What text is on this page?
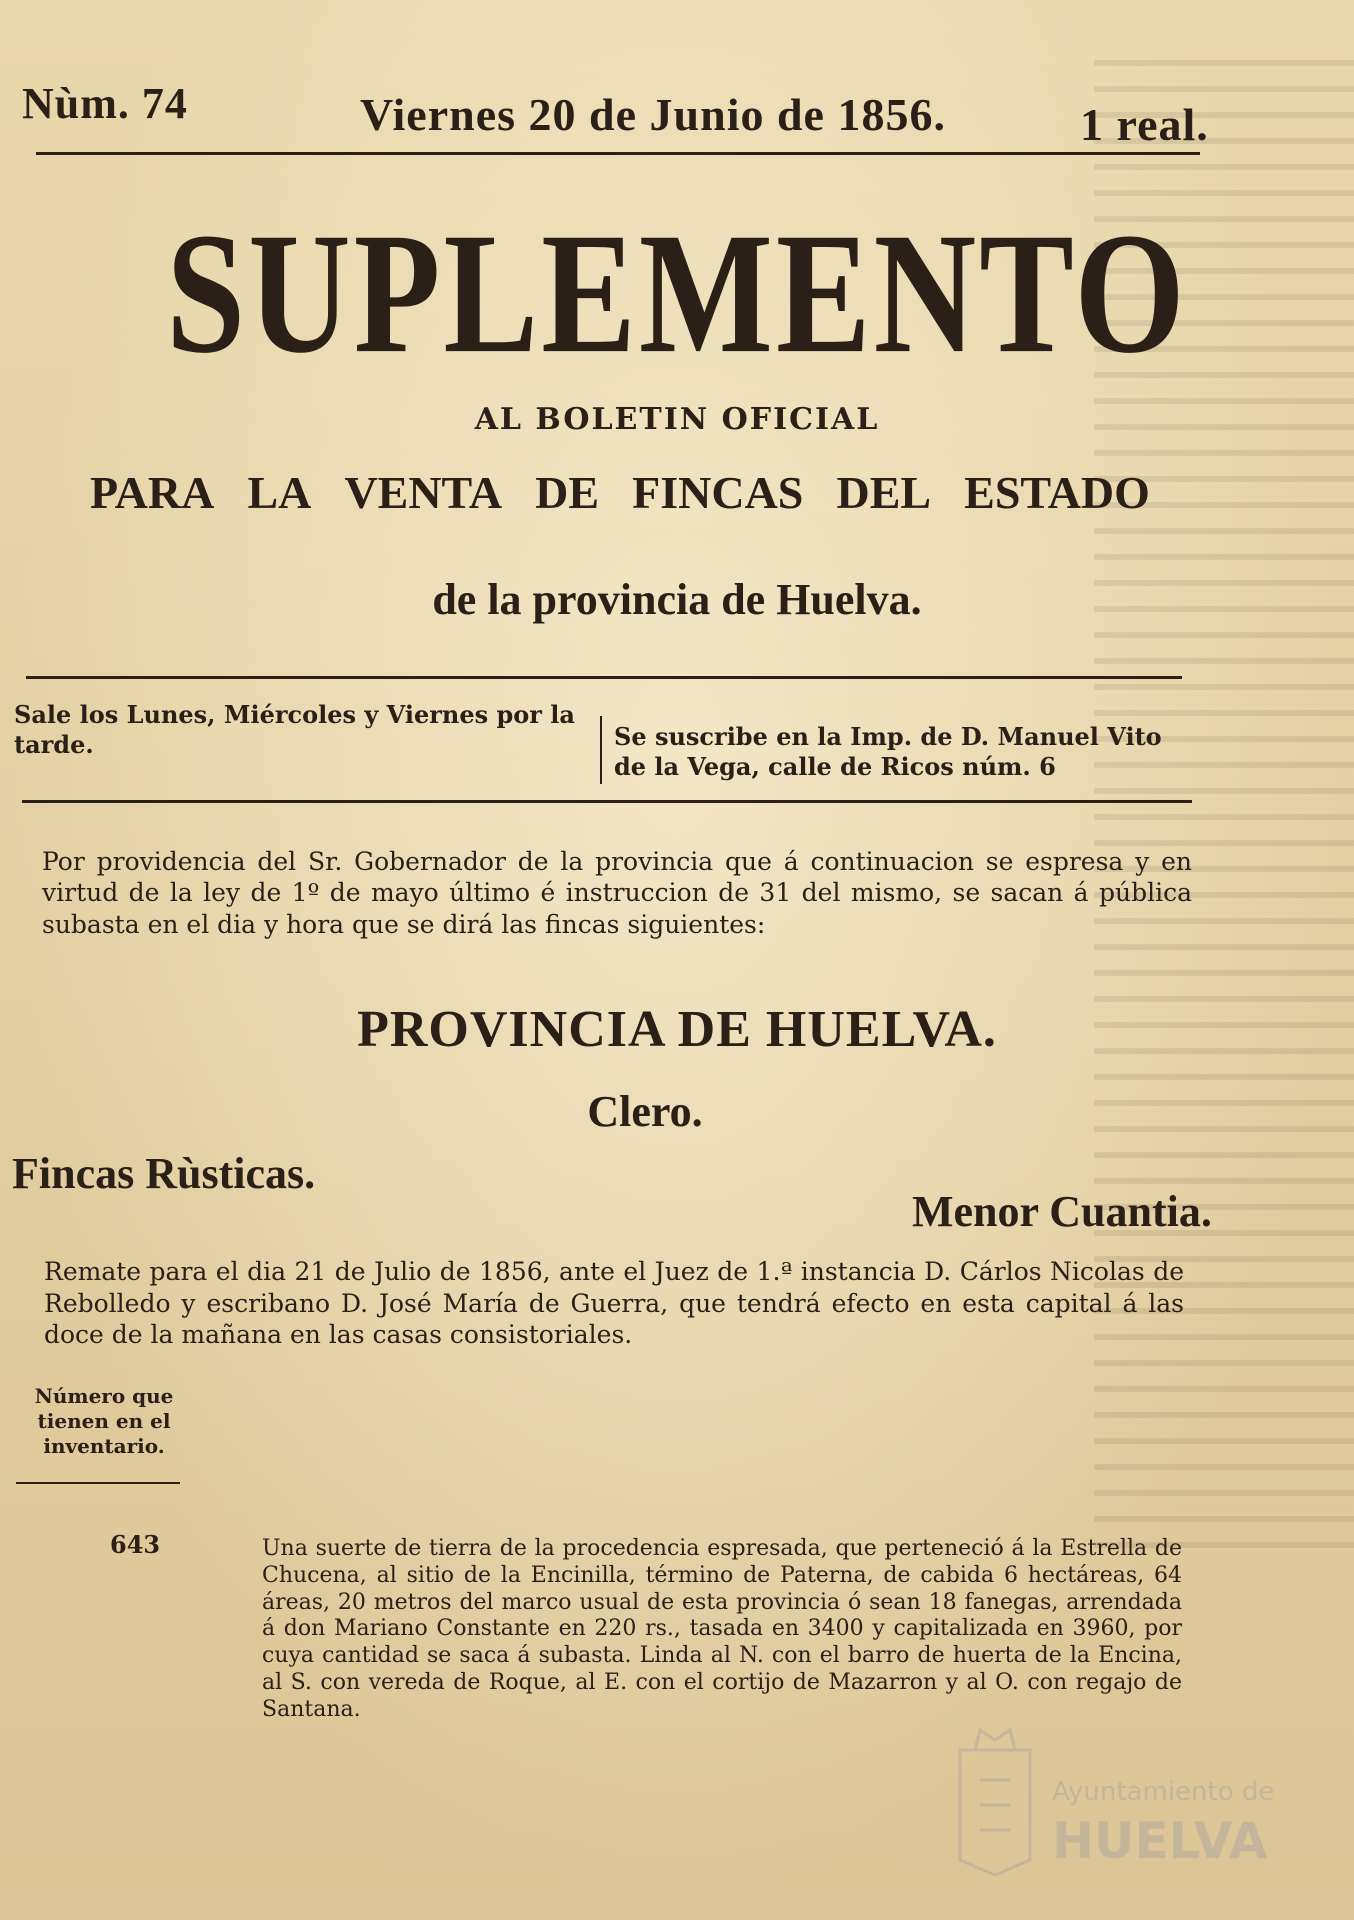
Nùm. 74	Viernes 20 de Junio de 1856.	1 real.
SUPLEMENTO
AL BOLETIN OFICIAL
PARA LA VENTA DE FINCAS DEL ESTADO
de la provincia de Huelva.
Sale los Lunes, Miércoles y Viernes por la tarde.	Se suscribe en la Imp. de D. Manuel Vito de la Vega, calle de Ricos núm. 6
Por providencia del Sr. Gobernador de la provincia que á continuacion se espresa y en virtud de la ley de 1º de mayo último é instruccion de 31 del mismo, se sacan á pública subasta en el dia y hora que se dirá las fincas siguientes:
PROVINCIA DE HUELVA.
Clero.
Fincas Rùsticas.
Menor Cuantia.
Remate para el dia 21 de Julio de 1856, ante el Juez de 1.ª instancia D. Cárlos Nicolas de Rebolledo y escribano D. José María de Guerra, que tendrá efecto en esta capital á las doce de la mañana en las casas consistoriales.
Número que tienen en el inventario.
643	Una suerte de tierra de la procedencia espresada, que perteneció á la Estrella de Chucena, al sitio de la Encinilla, término de Paterna, de cabida 6 hectáreas, 64 áreas, 20 metros del marco usual de esta provincia ó sean 18 fanegas, arrendada á don Mariano Constante en 220 rs., tasada en 3400 y capitalizada en 3960, por cuya cantidad se saca á subasta. Linda al N. con el barro de huerta de la Encina, al S. con vereda de Roque, al E. con el cortijo de Mazarron y al O. con regajo de Santana.
Ayuntamiento de
HUELVA
